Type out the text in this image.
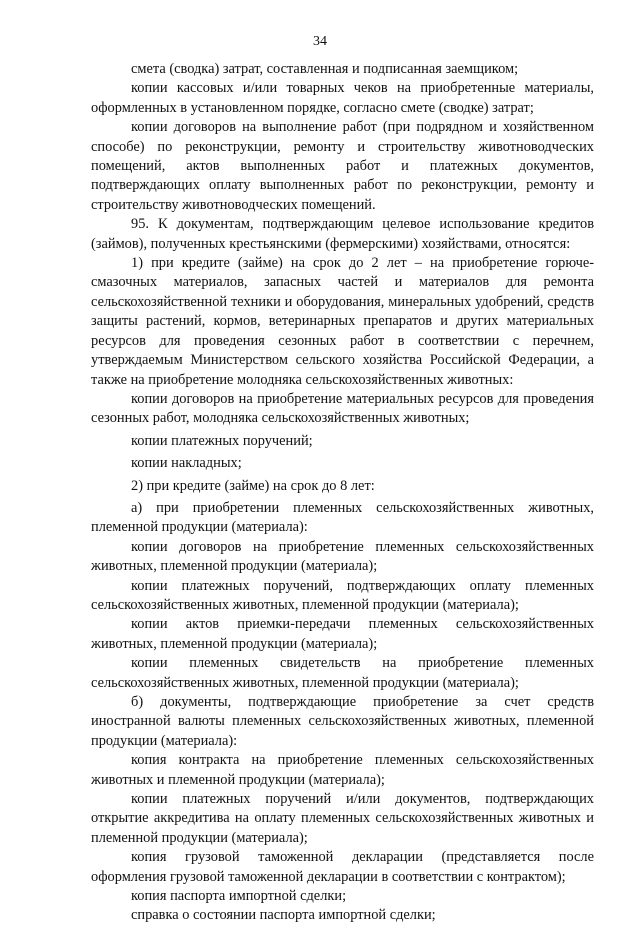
34

смета (сводка) затрат, составленная и подписанная заемщиком;

копии кассовых и/или товарных чеков на приобретенные материалы, оформленных в установленном порядке, согласно смете (сводке) затрат;

копии договоров на выполнение работ (при подрядном и хозяйственном способе) по реконструкции, ремонту и строительству животноводческих помещений, актов выполненных работ и платежных документов, подтверждающих оплату выполненных работ по реконструкции, ремонту и строительству животноводческих помещений.

95. К документам, подтверждающим целевое использование кредитов (займов), полученных крестьянскими (фермерскими) хозяйствами, относятся:

1) при кредите (займе) на срок до 2 лет – на приобретение горюче-смазочных материалов, запасных частей и материалов для ремонта сельскохозяйственной техники и оборудования, минеральных удобрений, средств защиты растений, кормов, ветеринарных препаратов и других материальных ресурсов для проведения сезонных работ в соответствии с перечнем, утверждаемым Министерством сельского хозяйства Российской Федерации, а также на приобретение молодняка сельскохозяйственных животных:

копии договоров на приобретение материальных ресурсов для проведения сезонных работ, молодняка сельскохозяйственных животных;

копии платежных поручений;

копии накладных;

2) при кредите (займе) на срок до 8 лет:

а) при приобретении племенных сельскохозяйственных животных, племенной продукции (материала):

копии договоров на приобретение племенных сельскохозяйственных животных, племенной продукции (материала);

копии платежных поручений, подтверждающих оплату племенных сельскохозяйственных животных, племенной продукции (материала);

копии актов приемки-передачи племенных сельскохозяйственных животных, племенной продукции (материала);

копии племенных свидетельств на приобретение племенных сельскохозяйственных животных, племенной продукции (материала);

б) документы, подтверждающие приобретение за счет средств иностранной валюты племенных сельскохозяйственных животных, племенной продукции (материала):

копия контракта на приобретение племенных сельскохозяйственных животных и племенной продукции (материала);

копии платежных поручений и/или документов, подтверждающих открытие аккредитива на оплату племенных сельскохозяйственных животных и племенной продукции (материала);

копия грузовой таможенной декларации (представляется после оформления грузовой таможенной декларации в соответствии с контрактом);

копия паспорта импортной сделки;

справка о состоянии паспорта импортной сделки;
